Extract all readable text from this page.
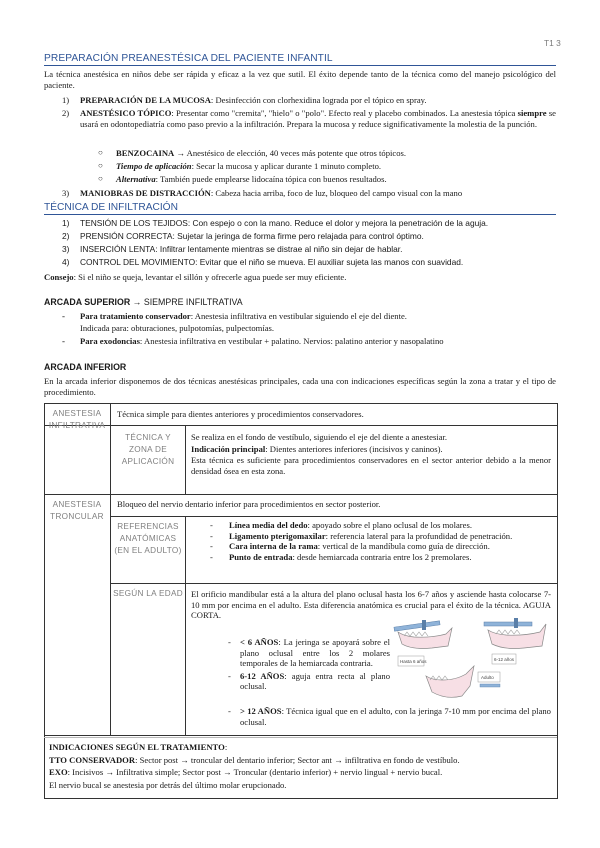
T1 3
PREPARACIÓN PREANESTÉSICA DEL PACIENTE INFANTIL
La técnica anestésica en niños debe ser rápida y eficaz a la vez que sutil. El éxito depende tanto de la técnica como del manejo psicológico del paciente.
1) PREPARACIÓN DE LA MUCOSA: Desinfección con clorhexidina lograda por el tópico en spray.
2) ANESTÉSICO TÓPICO: Presentar como "cremita", "hielo" o "polo". Efecto real y placebo combinados. La anestesia tópica siempre se usará en odontopediatría como paso previo a la infiltración. Prepara la mucosa y reduce significativamente la molestia de la punción.
○ BENZOCAINA → Anestésico de elección, 40 veces más potente que otros tópicos.
○ Tiempo de aplicación: Secar la mucosa y aplicar durante 1 minuto completo.
○ Alternativa: También puede emplearse lidocaína tópica con buenos resultados.
3) MANIOBRAS DE DISTRACCIÓN: Cabeza hacia arriba, foco de luz, bloqueo del campo visual con la mano
TÉCNICA DE INFILTRACIÓN
1) TENSIÓN DE LOS TEJIDOS: Con espejo o con la mano. Reduce el dolor y mejora la penetración de la aguja.
2) PRENSIÓN CORRECTA: Sujetar la jeringa de forma firme pero relajada para control óptimo.
3) INSERCIÓN LENTA: Infiltrar lentamente mientras se distrae al niño sin dejar de hablar.
4) CONTROL DEL MOVIMIENTO: Evitar que el niño se mueva. El auxiliar sujeta las manos con suavidad.
Consejo: Si el niño se queja, levantar el sillón y ofrecerle agua puede ser muy eficiente.
ARCADA SUPERIOR → SIEMPRE INFILTRATIVA
- Para tratamiento conservador: Anestesia infiltrativa en vestibular siguiendo el eje del diente.
Indicada para: obturaciones, pulpotomías, pulpectomías.
- Para exodoncias: Anestesia infiltrativa en vestibular + palatino. Nervios: palatino anterior y nasopalatino
ARCADA INFERIOR
En la arcada inferior disponemos de dos técnicas anestésicas principales, cada una con indicaciones específicas según la zona a tratar y el tipo de procedimiento.
ANESTESIA INFILTRATIVA
Técnica simple para dientes anteriores y procedimientos conservadores.
TÉCNICA Y ZONA DE APLICACIÓN
Se realiza en el fondo de vestíbulo, siguiendo el eje del diente a anestesiar.
Indicación principal: Dientes anteriores inferiores (incisivos y caninos).
Esta técnica es suficiente para procedimientos conservadores en el sector anterior debido a la menor densidad ósea en esta zona.
ANESTESIA TRONCULAR
Bloqueo del nervio dentario inferior para procedimientos en sector posterior.
REFERENCIAS ANATÓMICAS (EN EL ADULTO)
- Línea media del dedo: apoyado sobre el plano oclusal de los molares.
- Ligamento pterigomaxilar: referencia lateral para la profundidad de penetración.
- Cara interna de la rama: vertical de la mandíbula como guía de dirección.
- Punto de entrada: desde hemiarcada contraria entre los 2 premolares.
SEGÚN LA EDAD El orificio mandibular está a la altura del plano oclusal hasta los 6-7 años y asciende hasta colocarse 7-10 mm por encima en el adulto. Esta diferencia anatómica es crucial para el éxito de la técnica. AGUJA CORTA.
- < 6 AÑOS: La jeringa se apoyará sobre el plano oclusal entre los 2 molares temporales de la hemiarcada contraria.
- 6-12 AÑOS: aguja entra recta al plano oclusal.
- > 12 AÑOS: Técnica igual que en el adulto, con la jeringa 7-10 mm por encima del plano oclusal.
Hasta 6 años	6-12 años
Adulto
INDICACIONES SEGÚN EL TRATAMIENTO:
TTO CONSERVADOR: Sector post → troncular del dentario inferior; Sector ant → infiltrativa en fondo de vestíbulo.
EXO: Incisivos → Infiltrativa simple; Sector post → Troncular (dentario inferior) + nervio lingual + nervio bucal.
El nervio bucal se anestesia por detrás del último molar erupcionado.
